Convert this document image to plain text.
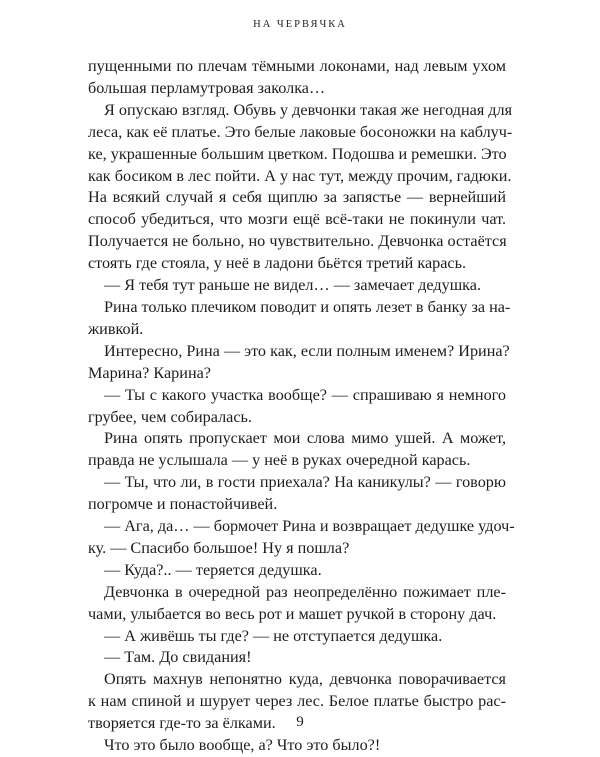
НА ЧЕРВЯЧКА
пущенными по плечам тёмными локонами, над левым ухом
большая перламутровая заколка…
Я опускаю взгляд. Обувь у девчонки такая же негодная для
леса, как её платье. Это белые лаковые босоножки на каблуч-
ке, украшенные большим цветком. Подошва и ремешки. Это
как босиком в лес пойти. А у нас тут, между прочим, гадюки.
На всякий случай я себя щиплю за запястье — вернейший
способ убедиться, что мозги ещё всё-таки не покинули чат.
Получается не больно, но чувствительно. Девчонка остаётся
стоять где стояла, у неё в ладони бьётся третий карась.
— Я тебя тут раньше не видел… — замечает дедушка.
Рина только плечиком поводит и опять лезет в банку за на-
живкой.
Интересно, Рина — это как, если полным именем? Ирина?
Марина? Карина?
— Ты с какого участка вообще? — спрашиваю я немного
грубее, чем собиралась.
Рина опять пропускает мои слова мимо ушей. А может,
правда не услышала — у неё в руках очередной карась.
— Ты, что ли, в гости приехала? На каникулы? — говорю
погромче и понастойчивей.
— Ага, да… — бормочет Рина и возвращает дедушке удоч-
ку. — Спасибо большое! Ну я пошла?
— Куда?.. — теряется дедушка.
Девчонка в очередной раз неопределённо пожимает пле-
чами, улыбается во весь рот и машет ручкой в сторону дач.
— А живёшь ты где? — не отступается дедушка.
— Там. До свидания!
Опять махнув непонятно куда, девчонка поворачивается
к нам спиной и шурует через лес. Белое платье быстро рас-
творяется где-то за ёлками.
Что это было вообще, а? Что это было?!
9
